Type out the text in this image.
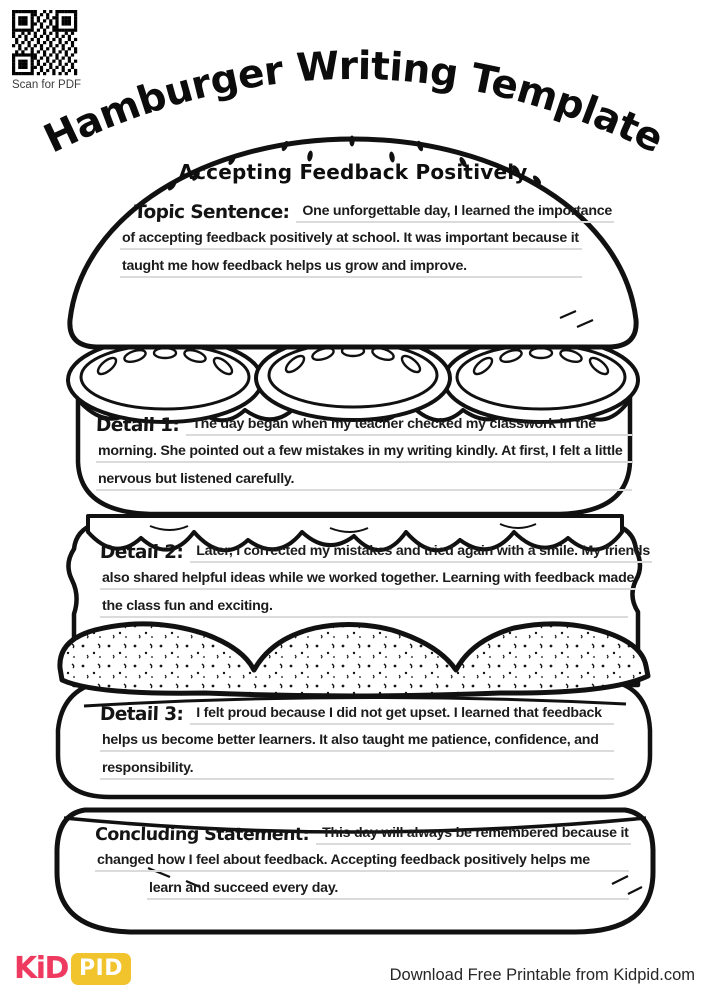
Hamburger Writing Template
Scan for PDF
Accepting Feedback Positively
Topic Sentence: One unforgettable day, I learned the importance
of accepting feedback positively at school. It was important because it
taught me how feedback helps us grow and improve.
Detail 1: The day began when my teacher checked my classwork in the
morning. She pointed out a few mistakes in my writing kindly. At first, I felt a little
nervous but listened carefully.
Detail 2: Later, I corrected my mistakes and tried again with a smile. My friends
also shared helpful ideas while we worked together. Learning with feedback made
the class fun and exciting.
Detail 3: I felt proud because I did not get upset. I learned that feedback
helps us become better learners. It also taught me patience, confidence, and
responsibility.
Concluding Statement: This day will always be remembered because it
changed how I feel about feedback. Accepting feedback positively helps me
learn and succeed every day.
KiD PID	Download Free Printable from Kidpid.com
